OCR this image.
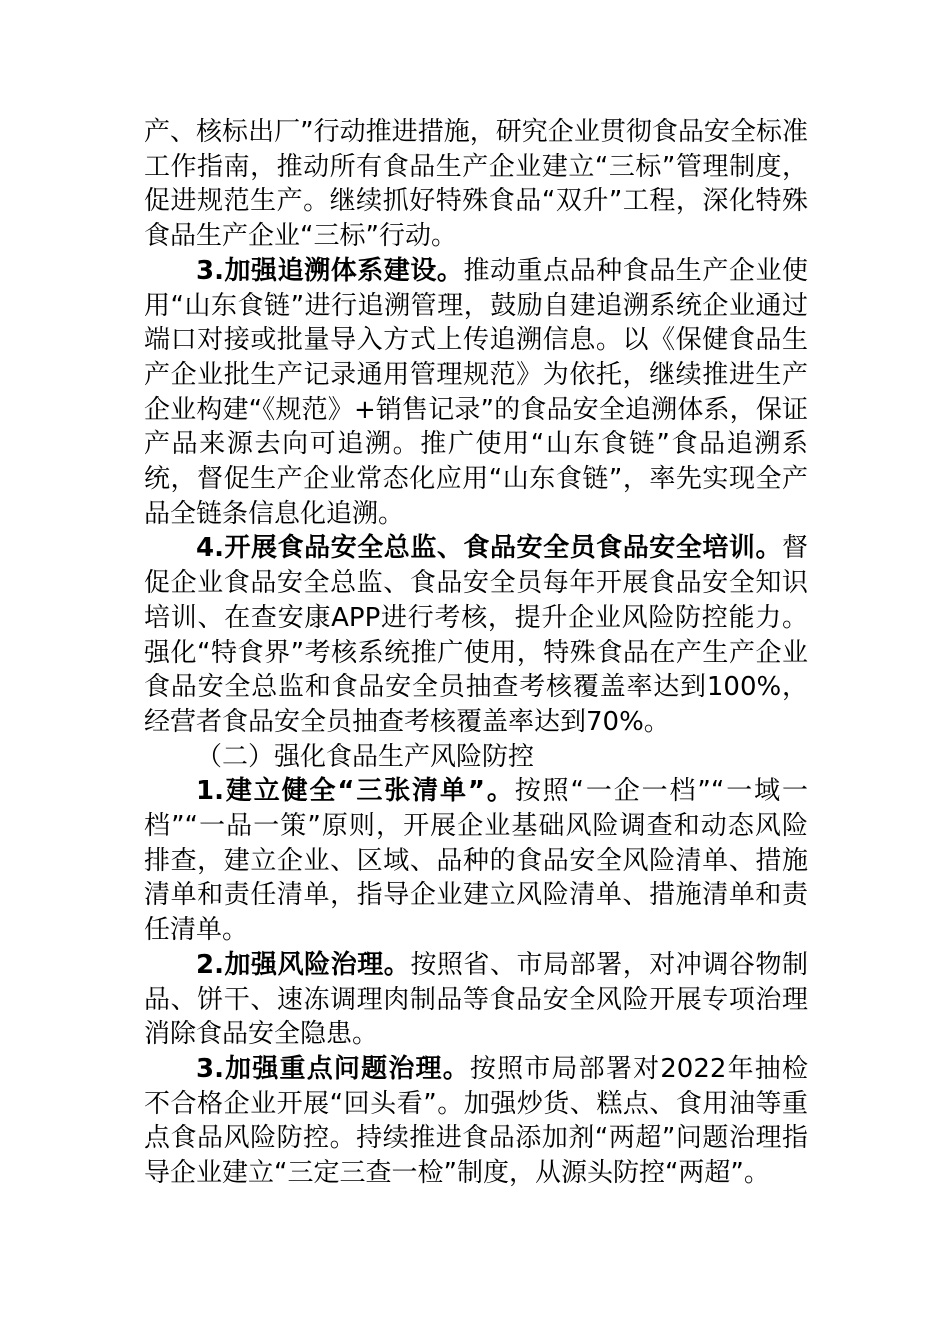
产、核标出厂”行动推进措施，研究企业贯彻食品安全标准工作指南，推动所有食品生产企业建立“三标”管理制度，促进规范生产。继续抓好特殊食品“双升”工程，深化特殊食品生产企业“三标”行动。

3.加强追溯体系建设。推动重点品种食品生产企业使用“山东食链”进行追溯管理，鼓励自建追溯系统企业通过端口对接或批量导入方式上传追溯信息。以《保健食品生产企业批生产记录通用管理规范》为依托，继续推进生产企业构建“《规范》+销售记录”的食品安全追溯体系，保证产品来源去向可追溯。推广使用“山东食链”食品追溯系统，督促生产企业常态化应用“山东食链”，率先实现全产品全链条信息化追溯。

4.开展食品安全总监、食品安全员食品安全培训。督促企业食品安全总监、食品安全员每年开展食品安全知识培训、在查安康APP进行考核，提升企业风险防控能力。强化“特食界”考核系统推广使用，特殊食品在产生产企业食品安全总监和食品安全员抽查考核覆盖率达到100%，经营者食品安全员抽查考核覆盖率达到70%。

（二）强化食品生产风险防控

1.建立健全“三张清单”。按照“一企一档”“一域一档”“一品一策”原则，开展企业基础风险调查和动态风险排查，建立企业、区域、品种的食品安全风险清单、措施清单和责任清单，指导企业建立风险清单、措施清单和责任清单。

2.加强风险治理。按照省、市局部署，对冲调谷物制品、饼干、速冻调理肉制品等食品安全风险开展专项治理消除食品安全隐患。

3.加强重点问题治理。按照市局部署对2022年抽检不合格企业开展“回头看”。加强炒货、糕点、食用油等重点食品风险防控。持续推进食品添加剂“两超”问题治理指导企业建立“三定三查一检”制度，从源头防控“两超”。
